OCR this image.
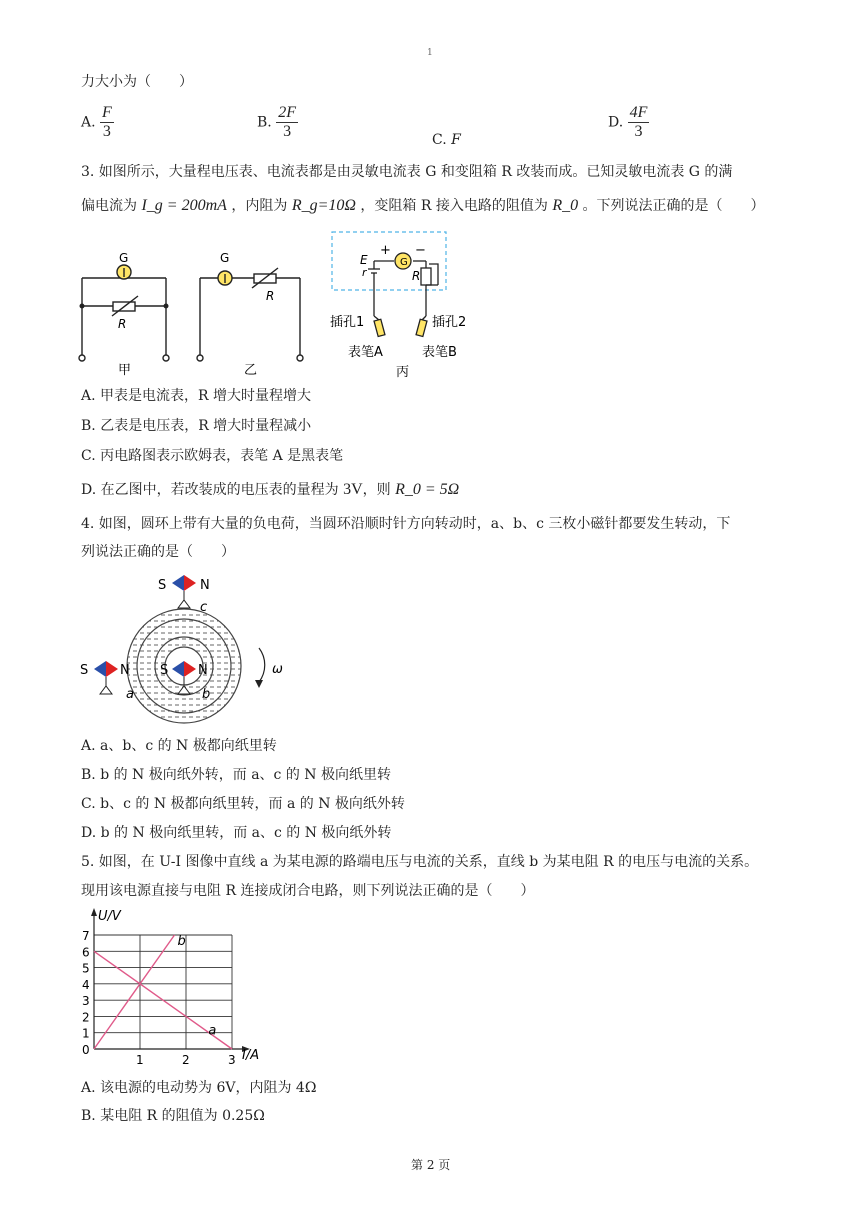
1
力大小为（　　）
A. $\frac{F}{3}$	B. $\frac{2F}{3}$	C. F
D. $\frac{4F}{3}$
3. 如图所示，大量程电压表、电流表都是由灵敏电流表 G 和变阻箱 R 改装而成。已知灵敏电流表 G 的满
偏电流为 I_g = 200mA ，内阻为 R_g=10Ω ，变阻箱 R 接入电路的阻值为 R_0 。下列说法正确的是（　　）
G
R
甲
G
R
乙
G
+ −
E
r	R
插孔1	插孔2
表笔A	表笔B
丙
A. 甲表是电流表，R 增大时量程增大
B. 乙表是电压表，R 增大时量程减小
C. 丙电路图表示欧姆表，表笔 A 是黑表笔
D. 在乙图中，若改装成的电压表的量程为 3V，则 R_0 = 5Ω
4. 如图，圆环上带有大量的负电荷，当圆环沿顺时针方向转动时，a、b、c 三枚小磁针都要发生转动，下
列说法正确的是（　　）
S	N
c
S N
b
S N
a
ω
A. a、b、c 的 N 极都向纸里转
B. b 的 N 极向纸外转，而 a、c 的 N 极向纸里转
C. b、c 的 N 极都向纸里转，而 a 的 N 极向纸外转
D. b 的 N 极向纸里转，而 a、c 的 N 极向纸外转
5. 如图，在 U-I 图像中直线 a 为某电源的路端电压与电流的关系，直线 b 为某电阻 R 的电压与电流的关系。
现用该电源直接与电阻 R 连接成闭合电路，则下列说法正确的是（　　）
0
1
2
3
4
5
6
7
1	2	3
a
b
U/V
I/A
A. 该电源的电动势为 6V，内阻为 4Ω
B. 某电阻 R 的阻值为 0.25Ω
第 2 页
